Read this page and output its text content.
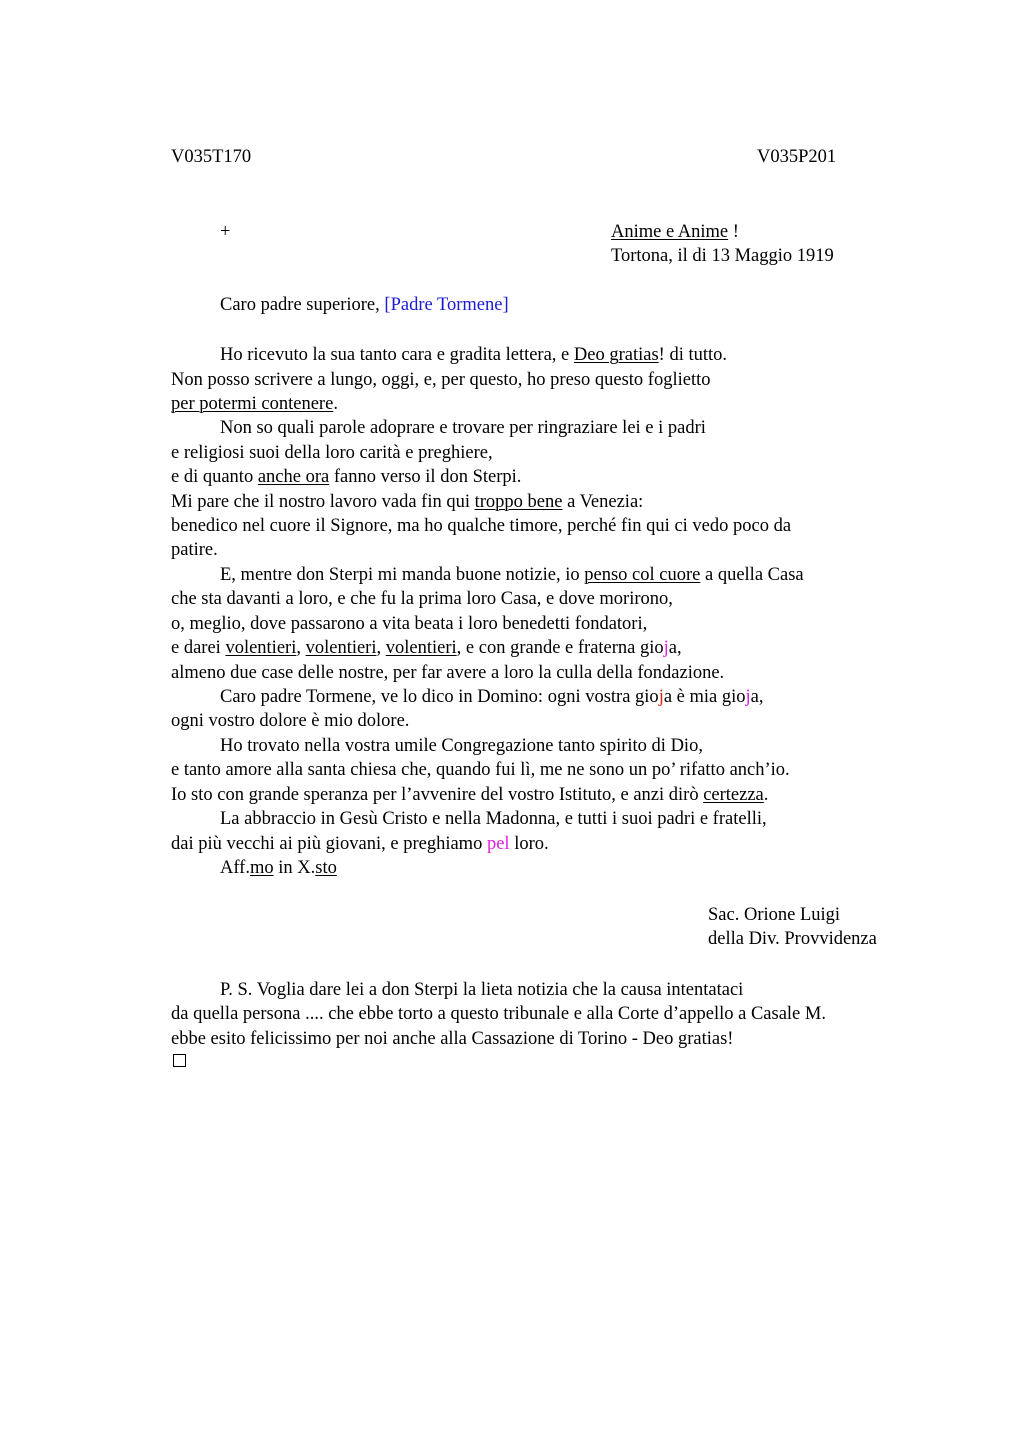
V035T170	V035P201
+	Anime e Anime !
Tortona, il di 13 Maggio 1919
Caro padre superiore, [Padre Tormene]
Ho ricevuto la sua tanto cara e gradita lettera, e Deo gratias! di tutto.
Non posso scrivere a lungo, oggi, e, per questo, ho preso questo foglietto
per potermi contenere.
Non so quali parole adoprare e trovare per ringraziare lei e i padri
e religiosi suoi della loro carità e preghiere,
e di quanto anche ora fanno verso il don Sterpi.
Mi pare che il nostro lavoro vada fin qui troppo bene a Venezia:
benedico nel cuore il Signore, ma ho qualche timore, perché fin qui ci vedo poco da
patire.
E, mentre don Sterpi mi manda buone notizie, io penso col cuore a quella Casa
che sta davanti a loro, e che fu la prima loro Casa, e dove morirono,
o, meglio, dove passarono a vita beata i loro benedetti fondatori,
e darei volentieri, volentieri, volentieri, e con grande e fraterna gioja,
almeno due case delle nostre, per far avere a loro la culla della fondazione.
Caro padre Tormene, ve lo dico in Domino: ogni vostra gioja è mia gioja,
ogni vostro dolore è mio dolore.
Ho trovato nella vostra umile Congregazione tanto spirito di Dio,
e tanto amore alla santa chiesa che, quando fui lì, me ne sono un po’ rifatto anch’io.
Io sto con grande speranza per l’avvenire del vostro Istituto, e anzi dirò certezza.
La abbraccio in Gesù Cristo e nella Madonna, e tutti i suoi padri e fratelli,
dai più vecchi ai più giovani, e preghiamo pel loro.
Aff.mo in X.sto
Sac. Orione Luigi
della Div. Provvidenza
P. S. Voglia dare lei a don Sterpi la lieta notizia che la causa intentataci
da quella persona .... che ebbe torto a questo tribunale e alla Corte d’appello a Casale M.
ebbe esito felicissimo per noi anche alla Cassazione di Torino - Deo gratias!
